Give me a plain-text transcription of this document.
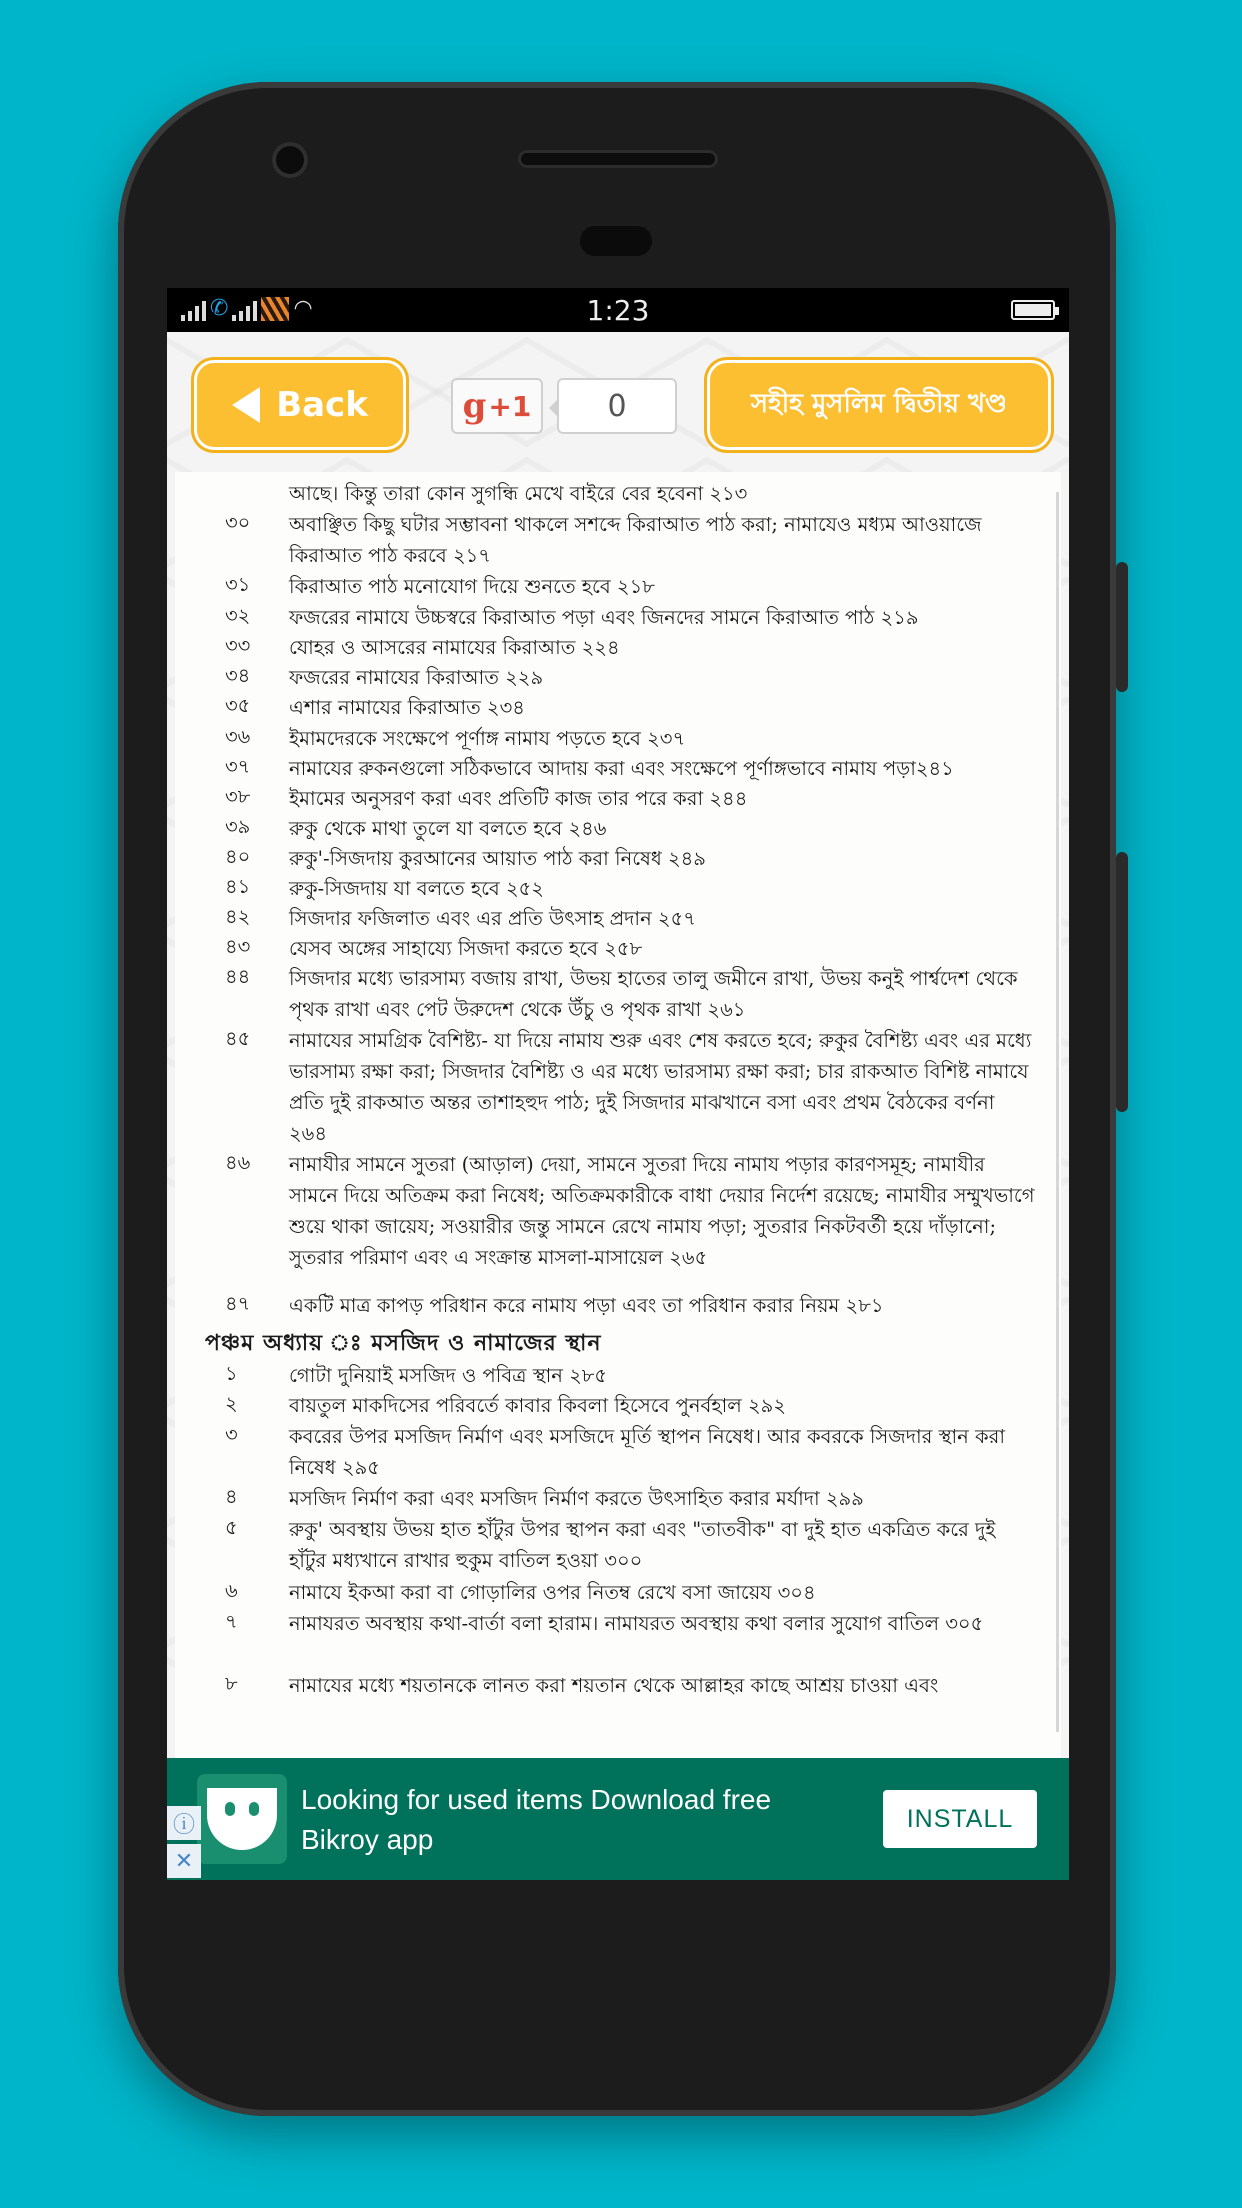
✆	◠	1:23
Back	g +1	0	সহীহ মুসলিম দ্বিতীয় খণ্ড
আছে। কিন্তু তারা কোন সুগন্ধি মেখে বাইরে বের হবেনা ২১৩
৩০	অবাঞ্ছিত কিছু ঘটার সম্ভাবনা থাকলে সশব্দে কিরাআত পাঠ করা; নামাযেও মধ্যম আওয়াজে কিরাআত পাঠ করবে ২১৭
৩১	কিরাআত পাঠ মনোযোগ দিয়ে শুনতে হবে ২১৮
৩২	ফজরের নামাযে উচ্চস্বরে কিরাআত পড়া এবং জিনদের সামনে কিরাআত পাঠ ২১৯
৩৩	যোহর ও আসরের নামাযের কিরাআত ২২৪
৩৪	ফজরের নামাযের কিরাআত ২২৯
৩৫	এশার নামাযের কিরাআত ২৩৪
৩৬	ইমামদেরকে সংক্ষেপে পূর্ণাঙ্গ নামায পড়তে হবে ২৩৭
৩৭	নামাযের রুকনগুলো সঠিকভাবে আদায় করা এবং সংক্ষেপে পূর্ণাঙ্গভাবে নামায পড়া২৪১
৩৮	ইমামের অনুসরণ করা এবং প্রতিটি কাজ তার পরে করা ২৪৪
৩৯	রুকু থেকে মাথা তুলে যা বলতে হবে ২৪৬
৪০	রুকু'-সিজদায় কুরআনের আয়াত পাঠ করা নিষেধ ২৪৯
৪১	রুকু-সিজদায় যা বলতে হবে ২৫২
৪২	সিজদার ফজিলাত এবং এর প্রতি উৎসাহ প্রদান ২৫৭
৪৩	যেসব অঙ্গের সাহায্যে সিজদা করতে হবে ২৫৮
৪৪	সিজদার মধ্যে ভারসাম্য বজায় রাখা, উভয় হাতের তালু জমীনে রাখা, উভয় কনুই পার্শ্বদেশ থেকে পৃথক রাখা এবং পেট উরুদেশ থেকে উঁচু ও পৃথক রাখা ২৬১
৪৫	নামাযের সামগ্রিক বৈশিষ্ট্য- যা দিয়ে নামায শুরু এবং শেষ করতে হবে; রুকুর বৈশিষ্ট্য এবং এর মধ্যে ভারসাম্য রক্ষা করা; সিজদার বৈশিষ্ট্য ও এর মধ্যে ভারসাম্য রক্ষা করা; চার রাকআত বিশিষ্ট নামাযে প্রতি দুই রাকআত অন্তর তাশাহহুদ পাঠ; দুই সিজদার মাঝখানে বসা এবং প্রথম বৈঠকের বর্ণনা ২৬৪
৪৬	নামাযীর সামনে সুতরা (আড়াল) দেয়া, সামনে সুতরা দিয়ে নামায পড়ার কারণসমূহ; নামাযীর সামনে দিয়ে অতিক্রম করা নিষেধ; অতিক্রমকারীকে বাধা দেয়ার নির্দেশ রয়েছে; নামাযীর সম্মুখভাগে শুয়ে থাকা জায়েয; সওয়ারীর জন্তু সামনে রেখে নামায পড়া; সুতরার নিকটবর্তী হয়ে দাঁড়ানো; সুতরার পরিমাণ এবং এ সংক্রান্ত মাসলা-মাসায়েল ২৬৫
৪৭	একটি মাত্র কাপড় পরিধান করে নামায পড়া এবং তা পরিধান করার নিয়ম ২৮১
পঞ্চম অধ্যায় ঃ মসজিদ ও নামাজের স্থান
১	গোটা দুনিয়াই মসজিদ ও পবিত্র স্থান ২৮৫
২	বায়তুল মাকদিসের পরিবর্তে কাবার কিবলা হিসেবে পুনর্বহাল ২৯২
৩	কবরের উপর মসজিদ নির্মাণ এবং মসজিদে মূর্তি স্থাপন নিষেধ। আর কবরকে সিজদার স্থান করা নিষেধ ২৯৫
৪	মসজিদ নির্মাণ করা এবং মসজিদ নির্মাণ করতে উৎসাহিত করার মর্যাদা ২৯৯
৫	রুকু' অবস্থায় উভয় হাত হাঁটুর উপর স্থাপন করা এবং "তাতবীক" বা দুই হাত একত্রিত করে দুই হাঁটুর মধ্যখানে রাখার হুকুম বাতিল হওয়া ৩০০
৬	নামাযে ইকআ করা বা গোড়ালির ওপর নিতম্ব রেখে বসা জায়েয ৩০৪
৭	নামাযরত অবস্থায় কথা-বার্তা বলা হারাম। নামাযরত অবস্থায় কথা বলার সুযোগ বাতিল ৩০৫
৮	নামাযের মধ্যে শয়তানকে লানত করা শয়তান থেকে আল্লাহর কাছে আশ্রয় চাওয়া এবং
ⓘ
✕
Looking for used items Download free Bikroy app
INSTALL
